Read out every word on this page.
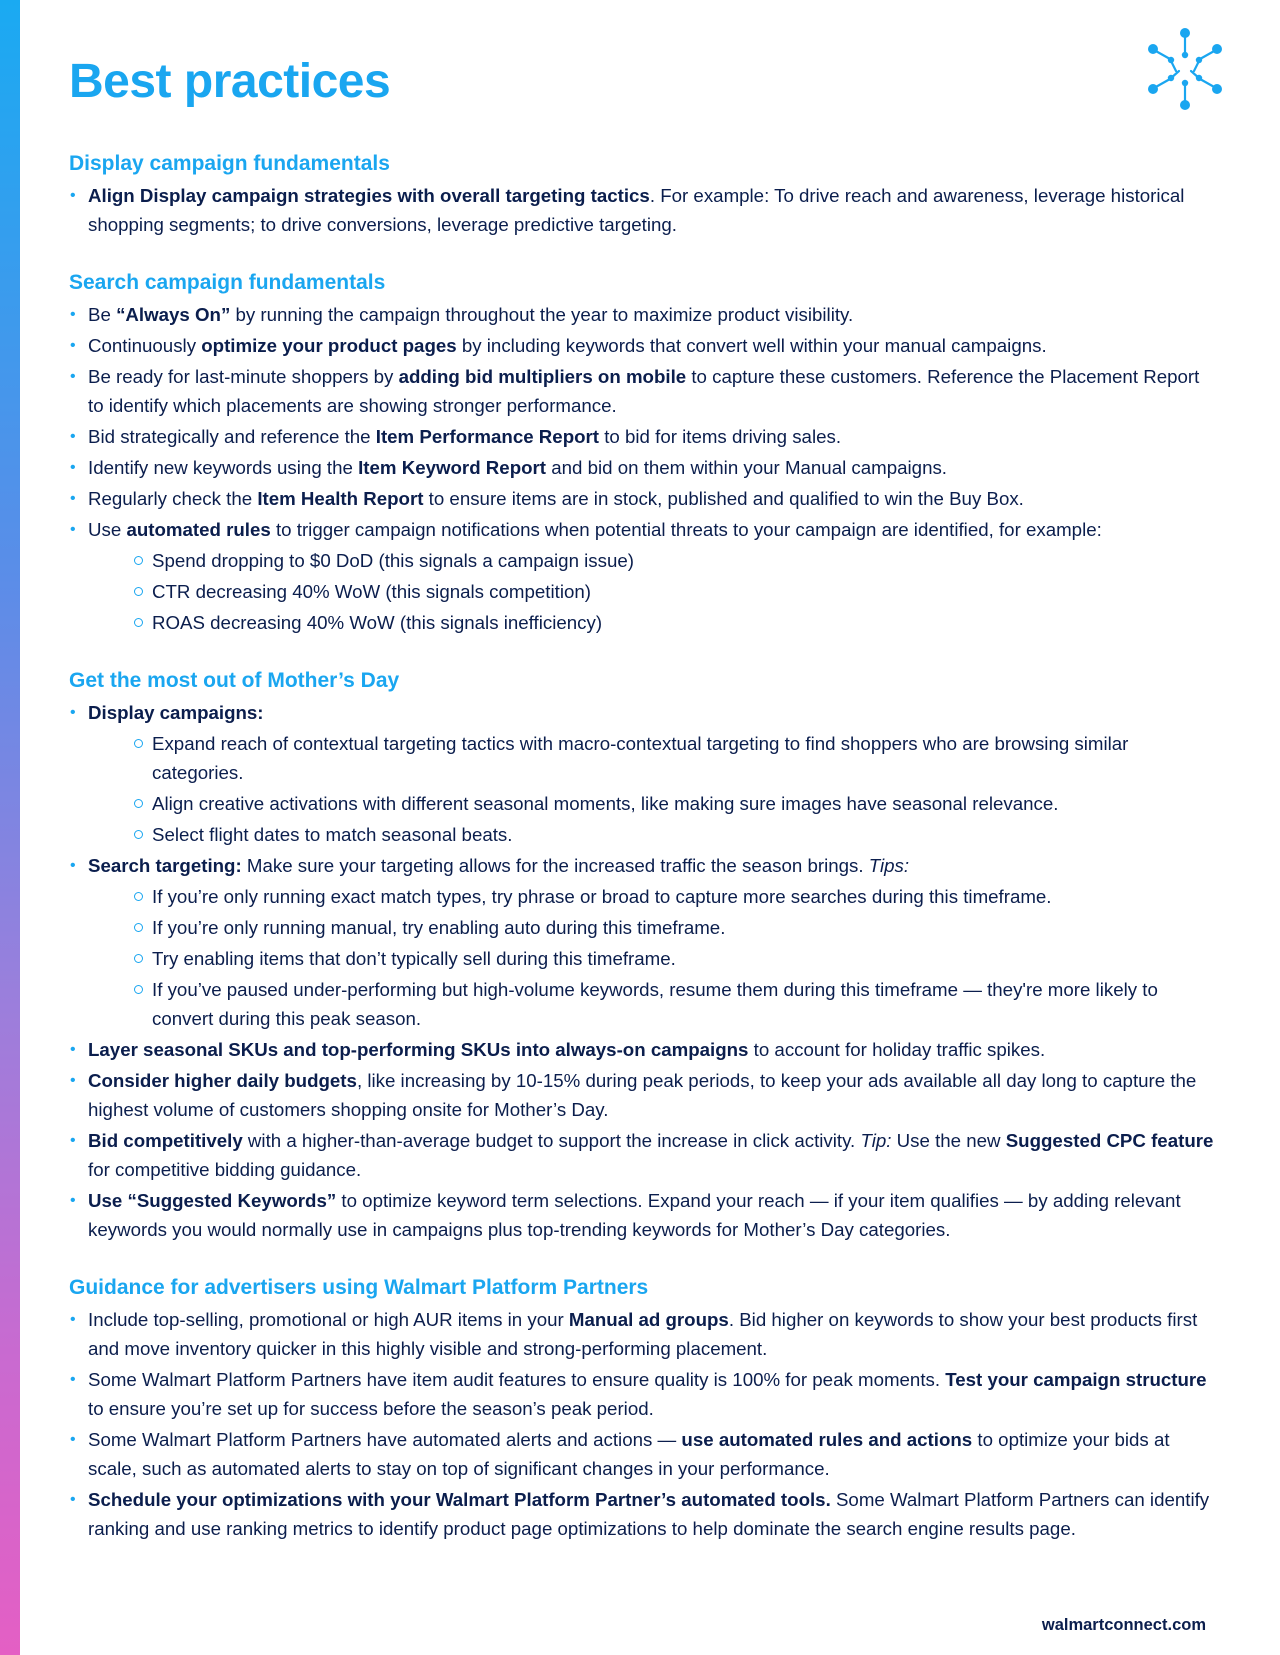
Best practices
Display campaign fundamentals
• Align Display campaign strategies with overall targeting tactics. For example: To drive reach and awareness, leverage historical shopping segments; to drive conversions, leverage predictive targeting.
Search campaign fundamentals
• Be “Always On” by running the campaign throughout the year to maximize product visibility.
• Continuously optimize your product pages by including keywords that convert well within your manual campaigns.
• Be ready for last-minute shoppers by adding bid multipliers on mobile to capture these customers. Reference the Placement Report to identify which placements are showing stronger performance.
• Bid strategically and reference the Item Performance Report to bid for items driving sales.
• Identify new keywords using the Item Keyword Report and bid on them within your Manual campaigns.
• Regularly check the Item Health Report to ensure items are in stock, published and qualified to win the Buy Box.
• Use automated rules to trigger campaign notifications when potential threats to your campaign are identified, for example:
Spend dropping to $0 DoD (this signals a campaign issue)
CTR decreasing 40% WoW (this signals competition)
ROAS decreasing 40% WoW (this signals inefficiency)
Get the most out of Mother’s Day
• Display campaigns:
Expand reach of contextual targeting tactics with macro-contextual targeting to find shoppers who are browsing similar categories.
Align creative activations with different seasonal moments, like making sure images have seasonal relevance.
Select flight dates to match seasonal beats.
• Search targeting: Make sure your targeting allows for the increased traffic the season brings. Tips:
If you’re only running exact match types, try phrase or broad to capture more searches during this timeframe.
If you’re only running manual, try enabling auto during this timeframe.
Try enabling items that don’t typically sell during this timeframe.
If you’ve paused under-performing but high-volume keywords, resume them during this timeframe — they're more likely to convert during this peak season.
• Layer seasonal SKUs and top-performing SKUs into always-on campaigns to account for holiday traffic spikes.
• Consider higher daily budgets, like increasing by 10-15% during peak periods, to keep your ads available all day long to capture the highest volume of customers shopping onsite for Mother’s Day.
• Bid competitively with a higher-than-average budget to support the increase in click activity. Tip: Use the new Suggested CPC feature for competitive bidding guidance.
• Use “Suggested Keywords” to optimize keyword term selections. Expand your reach — if your item qualifies — by adding relevant keywords you would normally use in campaigns plus top-trending keywords for Mother’s Day categories.
Guidance for advertisers using Walmart Platform Partners
• Include top-selling, promotional or high AUR items in your Manual ad groups. Bid higher on keywords to show your best products first and move inventory quicker in this highly visible and strong-performing placement.
• Some Walmart Platform Partners have item audit features to ensure quality is 100% for peak moments. Test your campaign structure to ensure you’re set up for success before the season’s peak period.
• Some Walmart Platform Partners have automated alerts and actions — use automated rules and actions to optimize your bids at scale, such as automated alerts to stay on top of significant changes in your performance.
• Schedule your optimizations with your Walmart Platform Partner’s automated tools. Some Walmart Platform Partners can identify ranking and use ranking metrics to identify product page optimizations to help dominate the search engine results page.
walmartconnect.com
